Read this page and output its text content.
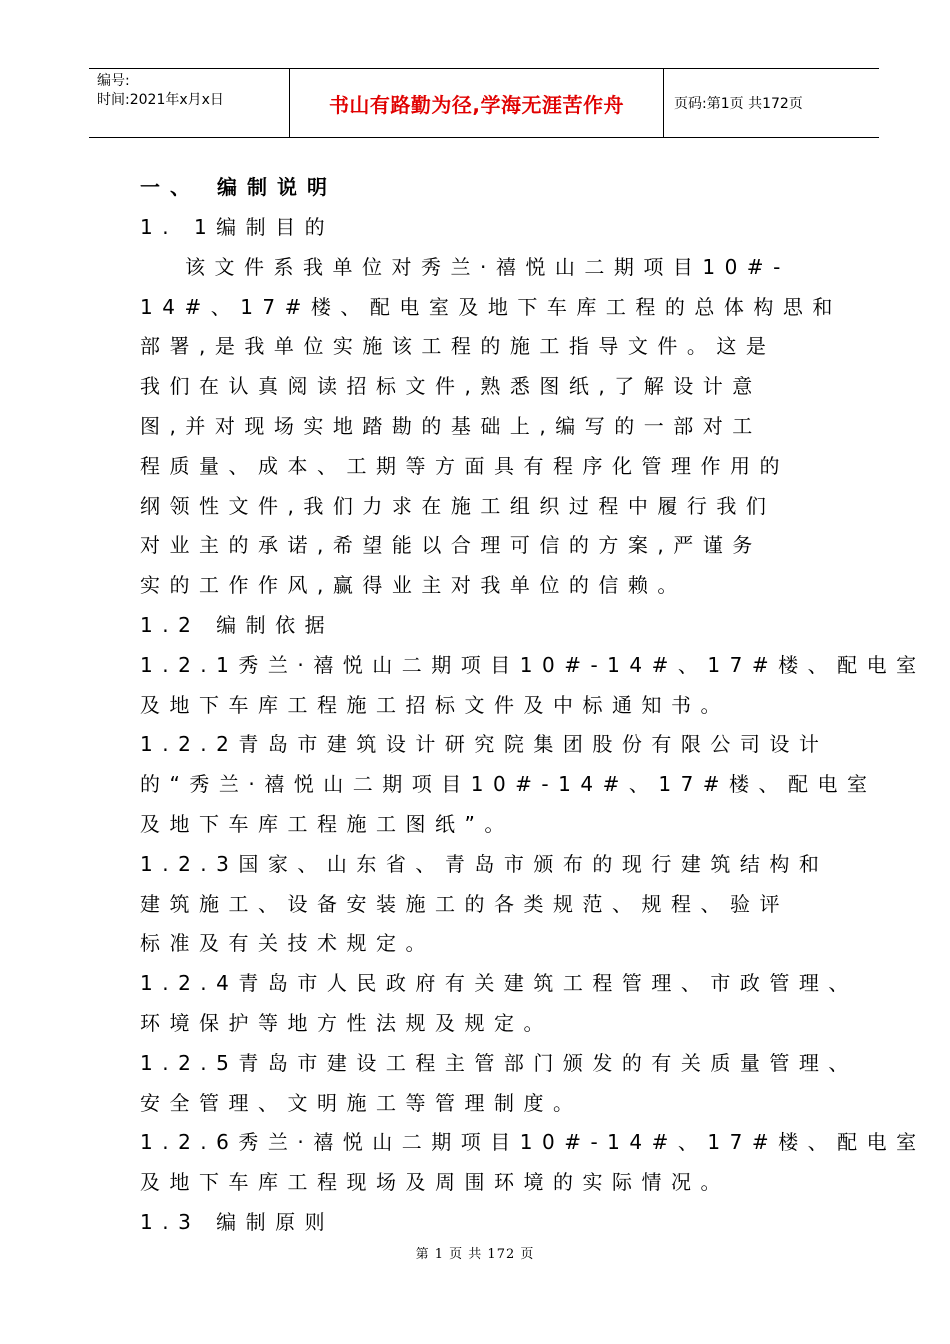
编号:
时间:2021年x月x日	书山有路勤为径,学海无涯苦作舟	页码:第1页 共172页
一、 编制说明
1. 1编制目的
该文件系我单位对秀兰·禧悦山二期项目10#-
14#、17#楼、配电室及地下车库工程的总体构思和
部署,是我单位实施该工程的施工指导文件。这是
我们在认真阅读招标文件,熟悉图纸,了解设计意
图,并对现场实地踏勘的基础上,编写的一部对工
程质量、成本、工期等方面具有程序化管理作用的
纲领性文件,我们力求在施工组织过程中履行我们
对业主的承诺,希望能以合理可信的方案,严谨务
实的工作作风,赢得业主对我单位的信赖。
1.2 编制依据
1.2.1秀兰·禧悦山二期项目10#-14#、17#楼、配电室
及地下车库工程施工招标文件及中标通知书。
1.2.2青岛市建筑设计研究院集团股份有限公司设计
的“秀兰·禧悦山二期项目10#-14#、17#楼、配电室
及地下车库工程施工图纸”。
1.2.3国家、山东省、青岛市颁布的现行建筑结构和
建筑施工、设备安装施工的各类规范、规程、验评
标准及有关技术规定。
1.2.4青岛市人民政府有关建筑工程管理、市政管理、
环境保护等地方性法规及规定。
1.2.5青岛市建设工程主管部门颁发的有关质量管理、
安全管理、文明施工等管理制度。
1.2.6秀兰·禧悦山二期项目10#-14#、17#楼、配电室
及地下车库工程现场及周围环境的实际情况。
1.3 编制原则
第 1 页 共 172 页
